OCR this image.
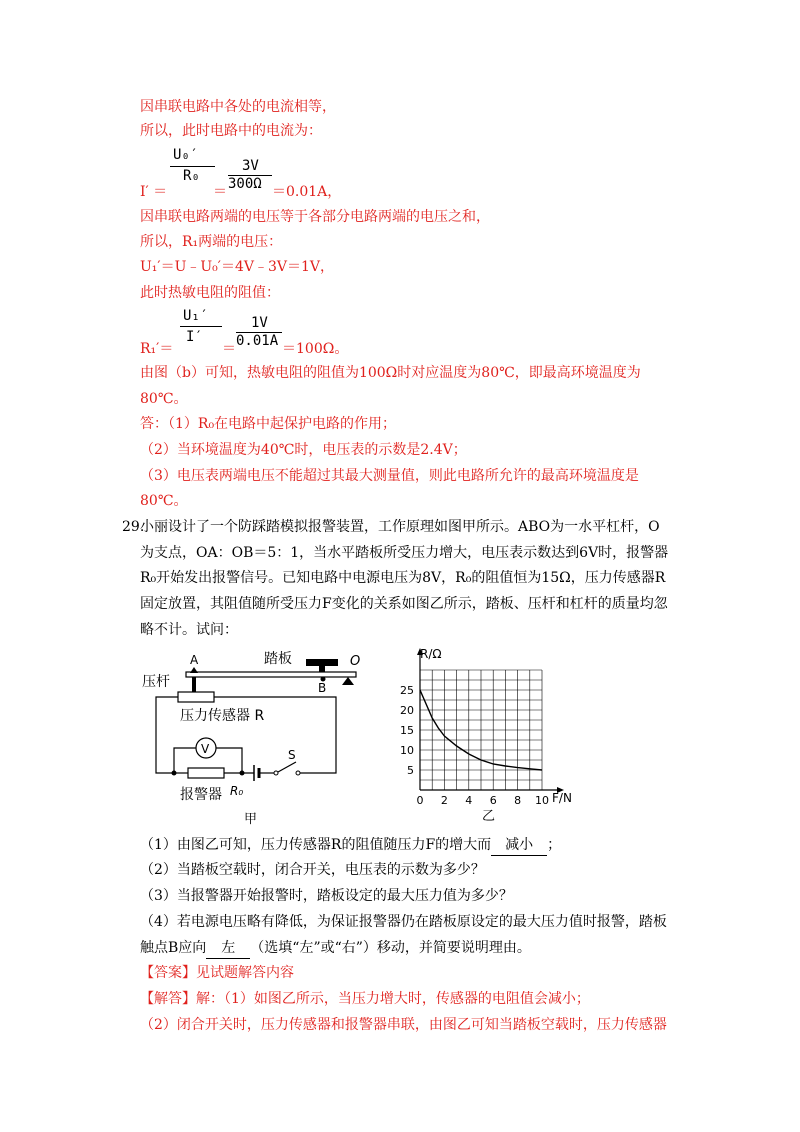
因串联电路中各处的电流相等，
所以，此时电路中的电流为：
U₀′
R₀
3V
300Ω
I′ ＝	＝	＝0.01A，
因串联电路两端的电压等于各部分电路两端的电压之和，
所以，R₁两端的电压：
U₁′＝U﹣U₀′＝4V﹣3V＝1V，
此时热敏电阻的阻值：
U₁′
I′
1V
0.01A
R₁′＝	＝	＝100Ω。
由图（b）可知，热敏电阻的阻值为100Ω时对应温度为80℃，即最高环境温度为
80℃。
答：（1）R₀在电路中起保护电路的作用；
（2）当环境温度为40℃时，电压表的示数是2.4V；
（3）电压表两端电压不能超过其最大测量值，则此电路所允许的最高环境温度是
80℃。
29.
小丽设计了一个防踩踏模拟报警装置，工作原理如图甲所示。ABO为一水平杠杆，O
为支点，OA：OB＝5：1，当水平踏板所受压力增大，电压表示数达到6V时，报警器
R₀开始发出报警信号。已知电路中电源电压为8V，R₀的阻值恒为15Ω，压力传感器R
固定放置，其阻值随所受压力F变化的关系如图乙所示，踏板、压杆和杠杆的质量均忽
略不计。试问：
A
B
O
踏板
压杆
压力传感器 R
V	S
报警器 R₀
甲
0 2 4 6 8 10
5
10
15
20
25
R/Ω
F/N
乙
（1）由图乙可知，压力传感器R的阻值随压力F的增大而 减小 ；
（2）当踏板空载时，闭合开关，电压表的示数为多少？
（3）当报警器开始报警时，踏板设定的最大压力值为多少？
（4）若电源电压略有降低，为保证报警器仍在踏板原设定的最大压力值时报警，踏板
触点B应向 左 （选填“左”或“右”）移动，并简要说明理由。
【答案】见试题解答内容
【解答】解：（1）如图乙所示，当压力增大时，传感器的电阻值会减小；
（2）闭合开关时，压力传感器和报警器串联，由图乙可知当踏板空载时，压力传感器
